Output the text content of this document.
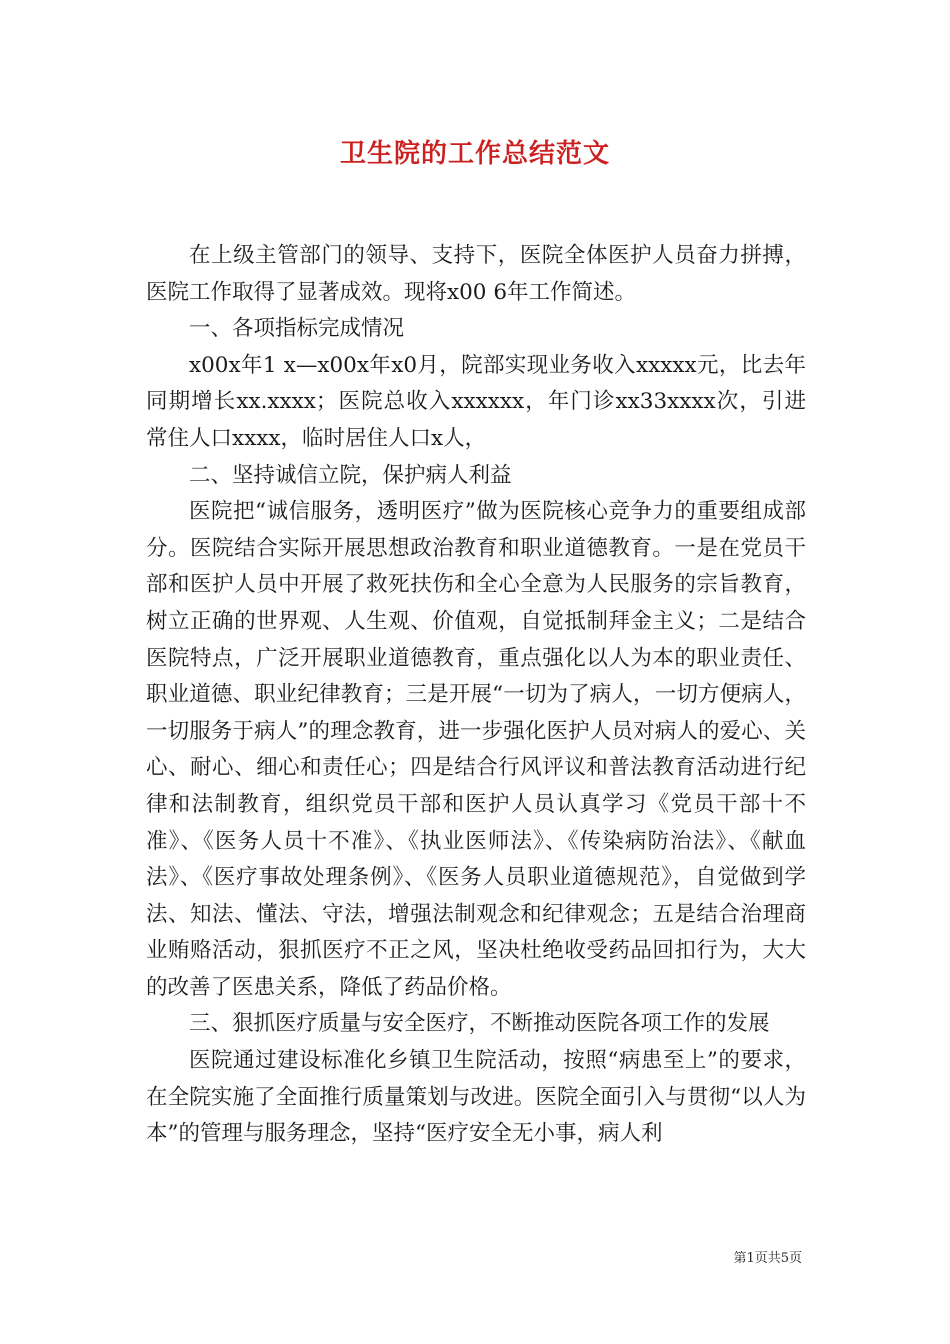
卫生院的工作总结范文

在上级主管部门的领导、支持下，医院全体医护人员奋力拼搏，医院工作取得了显著成效。现将x00 6年工作简述。

一、各项指标完成情况

x00x年1 x—x00x年x0月，院部实现业务收入xxxxx元，比去年同期增长xx.xxxx；医院总收入xxxxxx，年门诊xx33xxxx次，引进常住人口xxxx，临时居住人口x人，

二、坚持诚信立院，保护病人利益

医院把“诚信服务，透明医疗”做为医院核心竞争力的重要组成部分。医院结合实际开展思想政治教育和职业道德教育。一是在党员干部和医护人员中开展了救死扶伤和全心全意为人民服务的宗旨教育，树立正确的世界观、人生观、价值观，自觉抵制拜金主义；二是结合医院特点，广泛开展职业道德教育，重点强化以人为本的职业责任、职业道德、职业纪律教育；三是开展“一切为了病人，一切方便病人，一切服务于病人”的理念教育，进一步强化医护人员对病人的爱心、关心、耐心、细心和责任心；四是结合行风评议和普法教育活动进行纪律和法制教育，组织党员干部和医护人员认真学习《党员干部十不准》、《医务人员十不准》、《执业医师法》、《传染病防治法》、《献血法》、《医疗事故处理条例》、《医务人员职业道德规范》，自觉做到学法、知法、懂法、守法，增强法制观念和纪律观念；五是结合治理商业贿赂活动，狠抓医疗不正之风，坚决杜绝收受药品回扣行为，大大的改善了医患关系，降低了药品价格。

三、狠抓医疗质量与安全医疗，不断推动医院各项工作的发展

医院通过建设标准化乡镇卫生院活动，按照“病患至上”的要求，在全院实施了全面推行质量策划与改进。医院全面引入与贯彻“以人为本”的管理与服务理念，坚持“医疗安全无小事，病人利

第1页共5页
